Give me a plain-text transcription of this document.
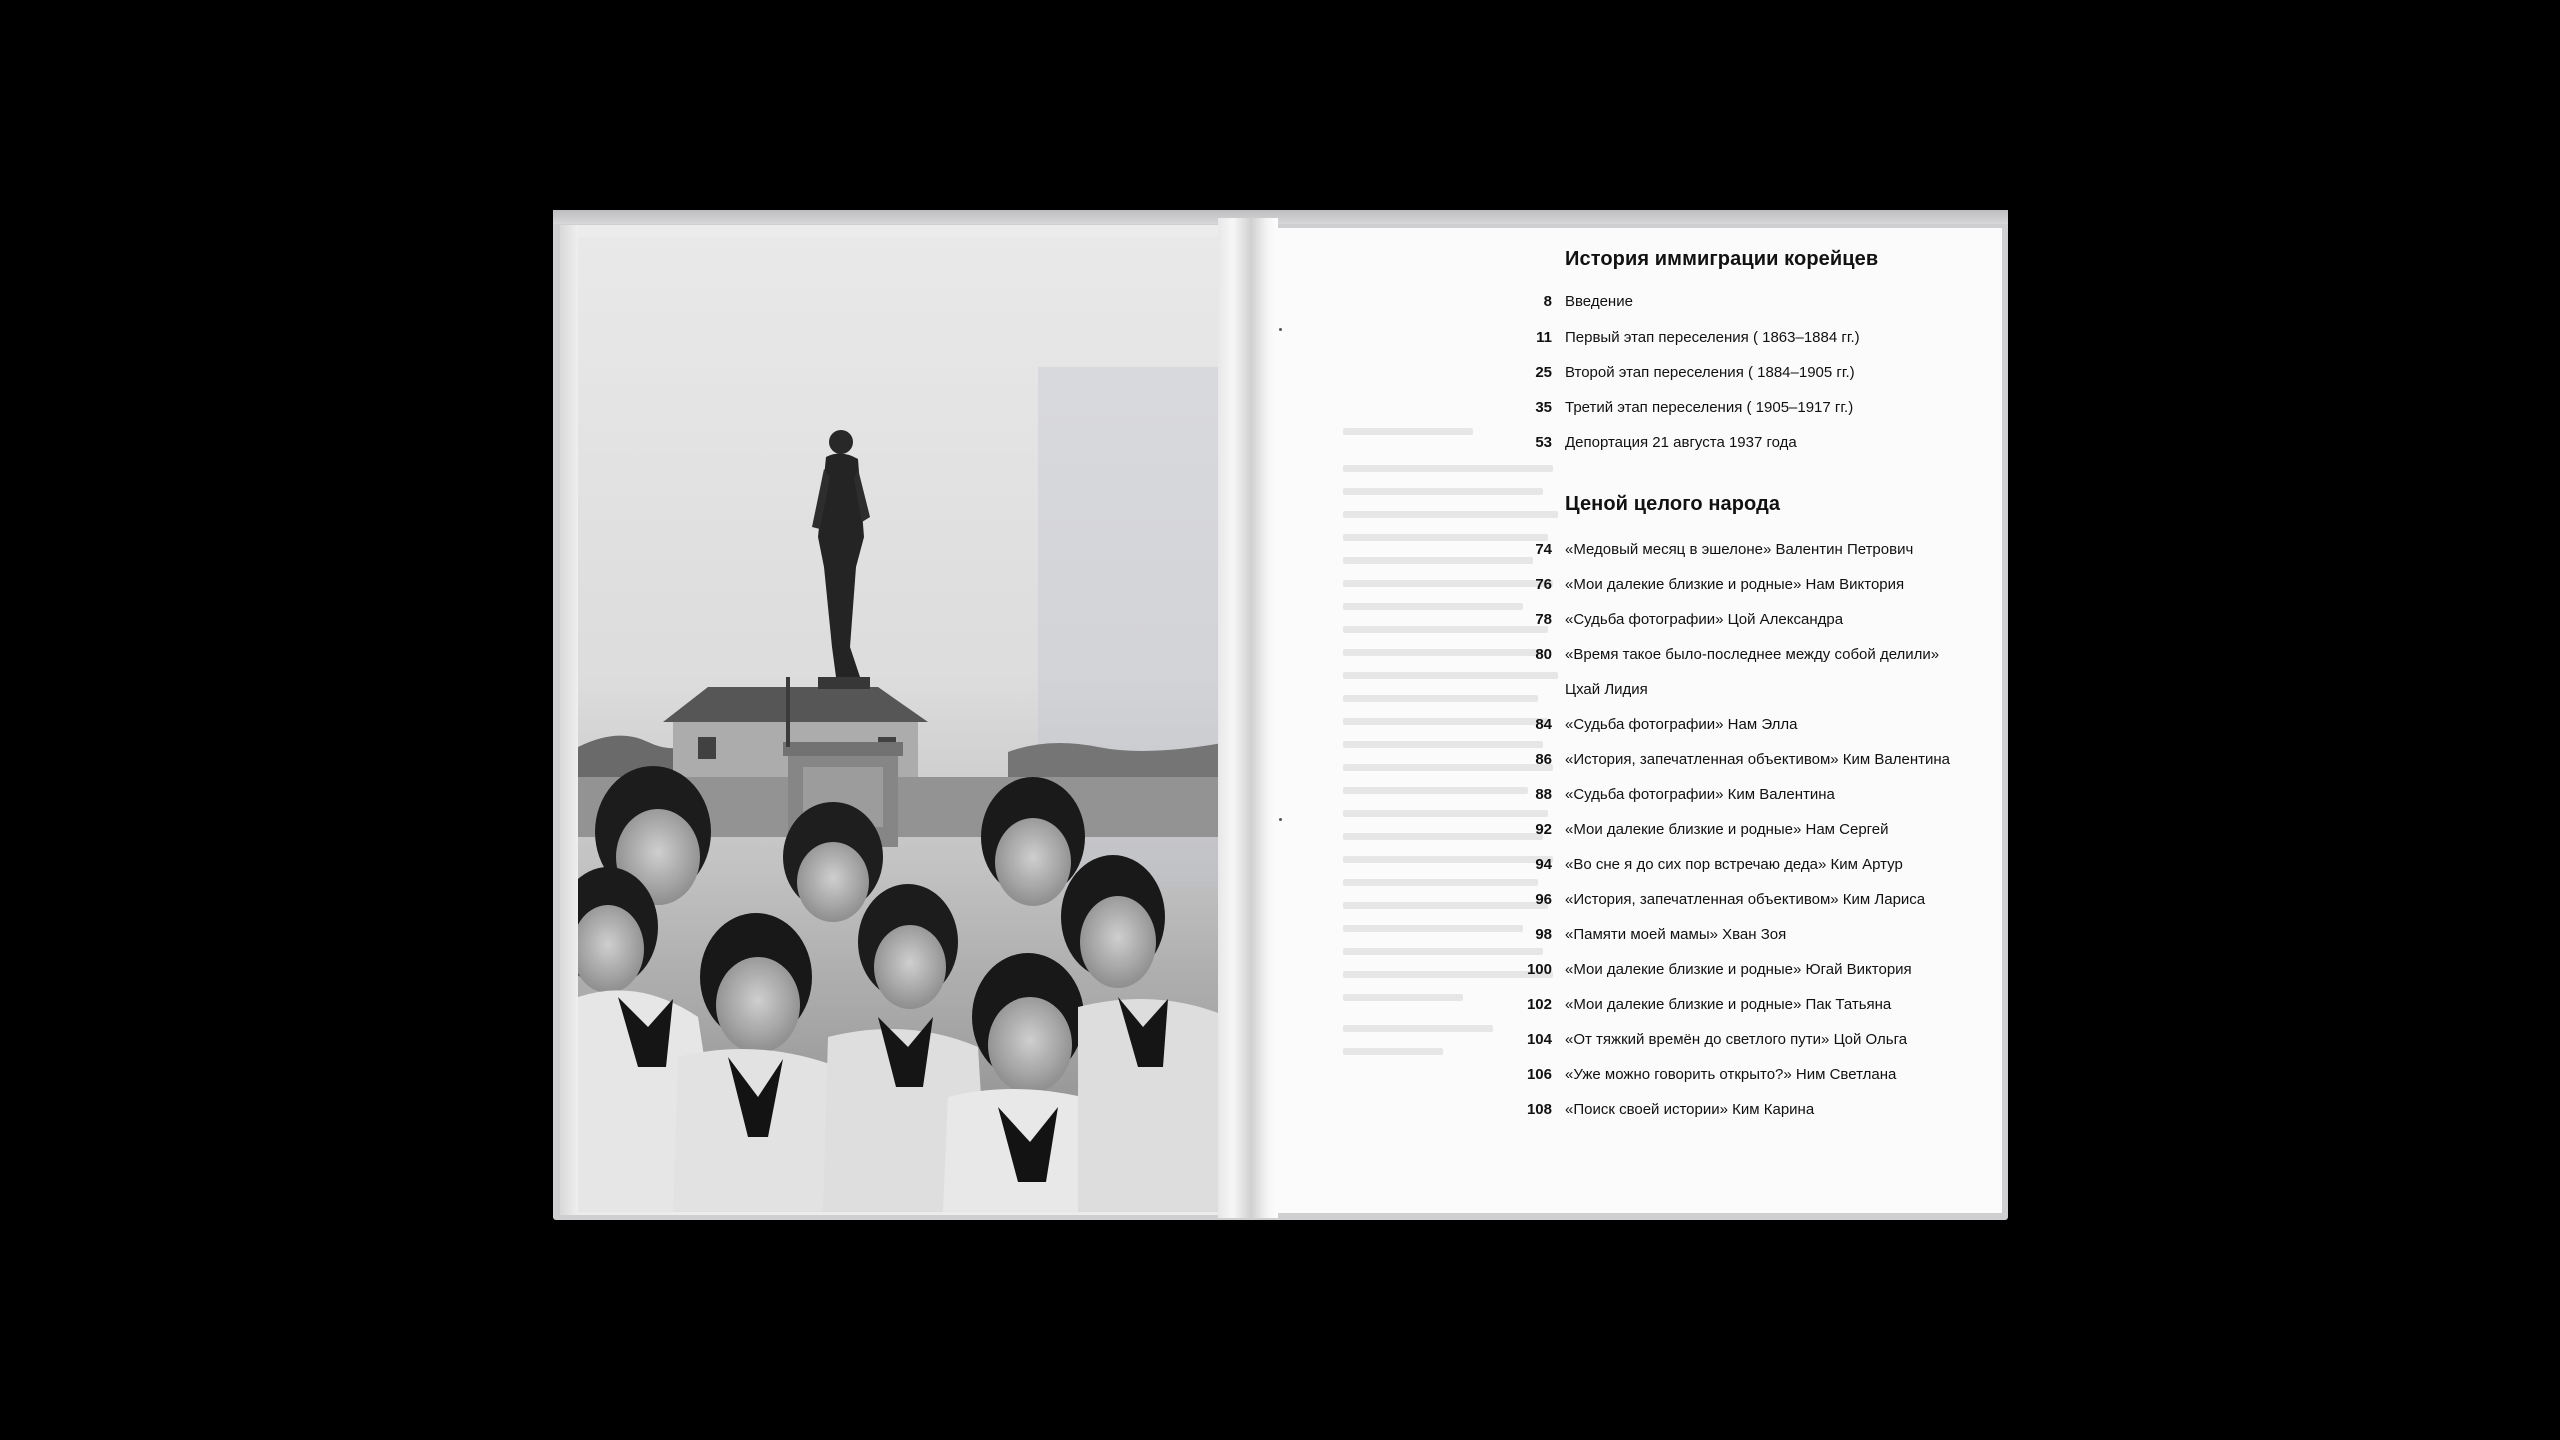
История иммиграции корейцев
8 Введение
11 Первый этап переселения ( 1863–1884 гг.)
25 Второй этап переселения ( 1884–1905 гг.)
35 Третий этап переселения ( 1905–1917 гг.)
53 Депортация 21 августа 1937 года
Ценой целого народа
74 «Медовый месяц в эшелоне» Валентин Петрович
76 «Мои далекие близкие и родные» Нам Виктория
78 «Судьба фотографии» Цой Александра
80 «Время такое было-последнее между собой делили»
Цхай Лидия
84 «Судьба фотографии» Нам Элла
86 «История, запечатленная объективом» Ким Валентина
88 «Судьба фотографии» Ким Валентина
92 «Мои далекие близкие и родные» Нам Сергей
94 «Во сне я до сих пор встречаю деда» Ким Артур
96 «История, запечатленная объективом» Ким Лариса
98 «Памяти моей мамы» Хван Зоя
100 «Мои далекие близкие и родные» Югай Виктория
102 «Мои далекие близкие и родные» Пак Татьяна
104 «От тяжкий времён до светлого пути» Цой Ольга
106 «Уже можно говорить открыто?» Ним Светлана
108 «Поиск своей истории» Ким Карина
